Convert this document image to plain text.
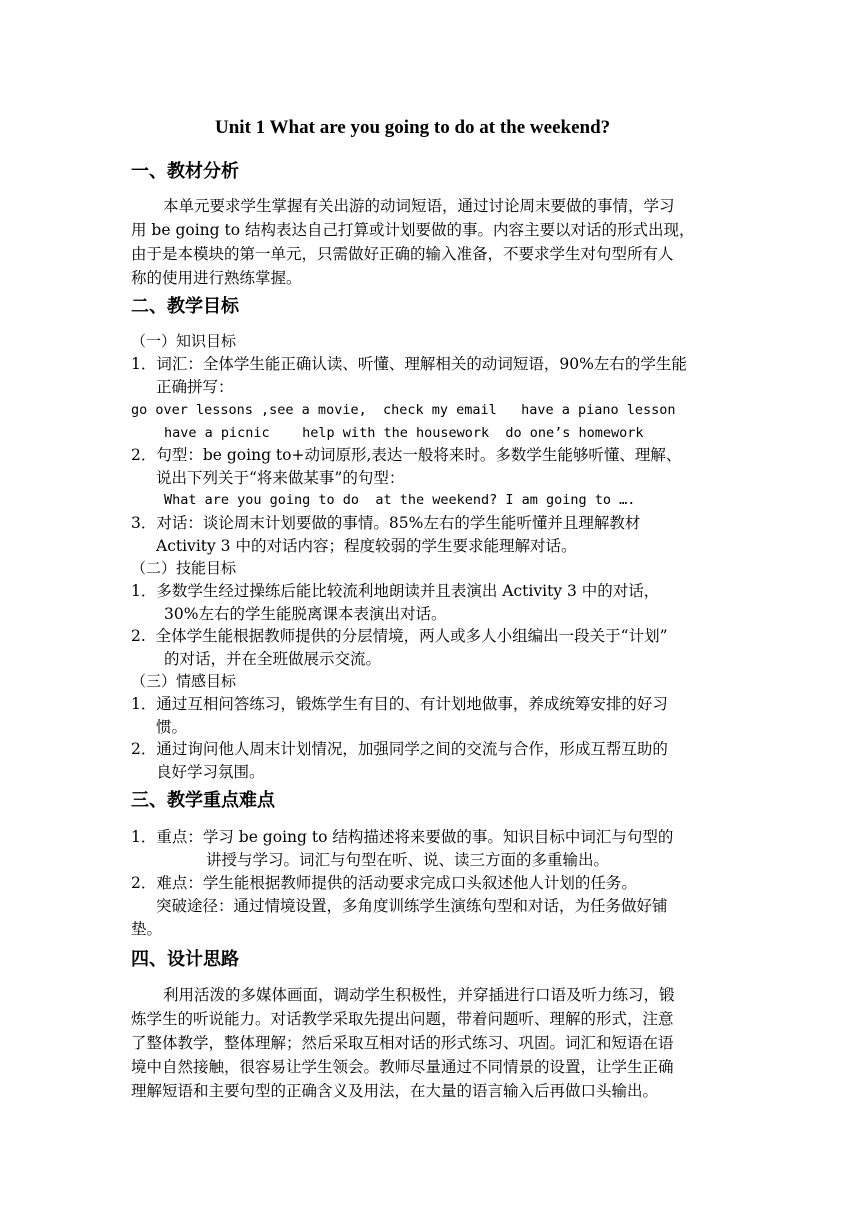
Unit 1 What are you going to do at the weekend?
一、教材分析
本单元要求学生掌握有关出游的动词短语，通过讨论周末要做的事情，学习
用 be going to 结构表达自己打算或计划要做的事。内容主要以对话的形式出现，
由于是本模块的第一单元，只需做好正确的输入准备，不要求学生对句型所有人
称的使用进行熟练掌握。
二、教学目标
（一）知识目标
1．词汇：全体学生能正确认读、听懂、理解相关的动词短语，90%左右的学生能
正确拼写：
go over lessons ,see a movie,  check my email   have a piano lesson
have a picnic    help with the housework  do one’s homework
2．句型：be going to+动词原形,表达一般将来时。多数学生能够听懂、理解、
说出下列关于“将来做某事”的句型：
What are you going to do  at the weekend? I am going to ….
3．对话：谈论周末计划要做的事情。85%左右的学生能听懂并且理解教材
Activity 3 中的对话内容；程度较弱的学生要求能理解对话。
（二）技能目标
1．多数学生经过操练后能比较流利地朗读并且表演出 Activity 3 中的对话，
30%左右的学生能脱离课本表演出对话。
2.  全体学生能根据教师提供的分层情境，两人或多人小组编出一段关于“计划”
的对话，并在全班做展示交流。
（三）情感目标
1．通过互相问答练习，锻炼学生有目的、有计划地做事，养成统筹安排的好习
惯。
2．通过询问他人周末计划情况，加强同学之间的交流与合作，形成互帮互助的
良好学习氛围。
三、教学重点难点
1．重点：学习 be going to 结构描述将来要做的事。知识目标中词汇与句型的
讲授与学习。词汇与句型在听、说、读三方面的多重输出。
2．难点：学生能根据教师提供的活动要求完成口头叙述他人计划的任务。
突破途径：通过情境设置，多角度训练学生演练句型和对话，为任务做好铺
垫。
四、设计思路
利用活泼的多媒体画面，调动学生积极性，并穿插进行口语及听力练习，锻
炼学生的听说能力。对话教学采取先提出问题，带着问题听、理解的形式，注意
了整体教学，整体理解；然后采取互相对话的形式练习、巩固。词汇和短语在语
境中自然接触，很容易让学生领会。教师尽量通过不同情景的设置，让学生正确
理解短语和主要句型的正确含义及用法，在大量的语言输入后再做口头输出。
